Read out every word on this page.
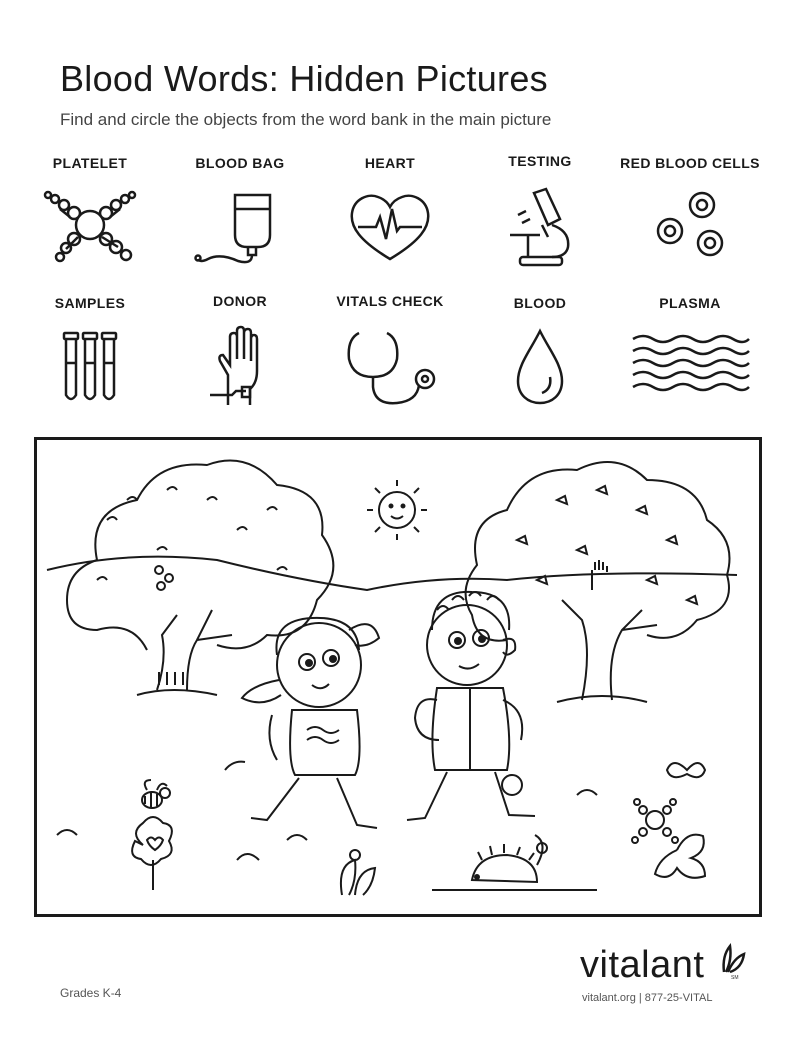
Blood Words: Hidden Pictures
Find and circle the objects from the word bank in the main picture
PLATELET	BLOOD BAG	HEART	TESTING	RED BLOOD CELLS
SAMPLES	DONOR	VITALS CHECK	BLOOD	PLASMA
Grades K-4
vitalant	SM
vitalant.org | 877-25-VITAL
